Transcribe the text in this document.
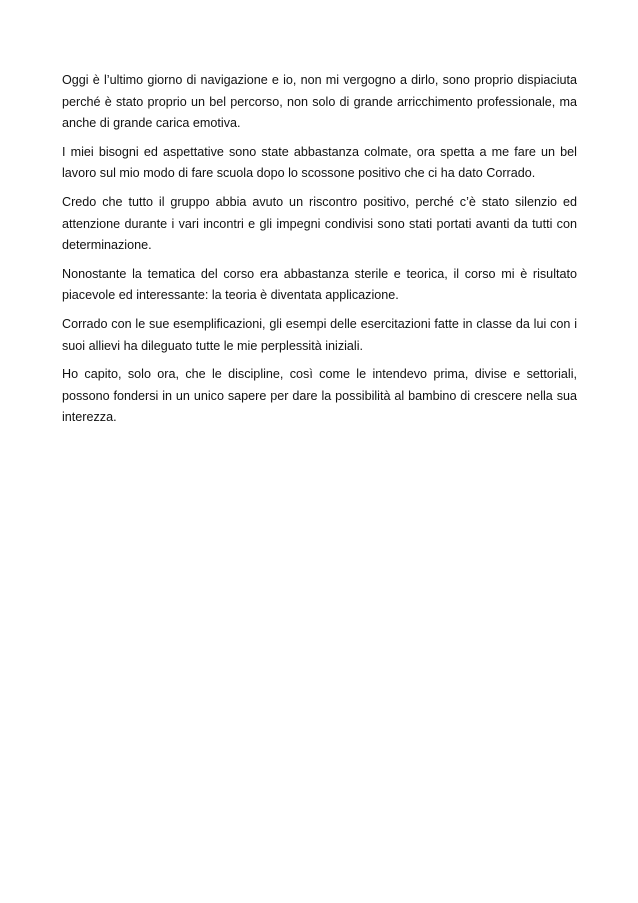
Oggi è l’ultimo giorno di navigazione e io, non mi vergogno a dirlo, sono proprio dispiaciuta perché è stato proprio un bel percorso, non solo di grande arricchimento professionale, ma anche di grande carica emotiva.

I miei bisogni ed aspettative sono state abbastanza colmate, ora spetta a me fare un bel lavoro sul mio modo di fare scuola dopo lo scossone positivo che ci ha dato Corrado.

Credo che tutto il gruppo abbia avuto un riscontro positivo, perché c’è stato silenzio ed attenzione durante i vari incontri e gli impegni condivisi sono stati portati avanti da tutti con determinazione.

Nonostante la tematica del corso era abbastanza sterile e teorica, il corso mi è risultato piacevole ed interessante: la teoria è diventata applicazione.

Corrado con le sue esemplificazioni, gli esempi delle esercitazioni fatte in classe da lui con i suoi allievi ha dileguato tutte le mie perplessità iniziali.

Ho capito, solo ora, che le discipline, così come le intendevo prima, divise e settoriali, possono fondersi in un unico sapere per dare la possibilità al bambino di crescere nella sua interezza.
